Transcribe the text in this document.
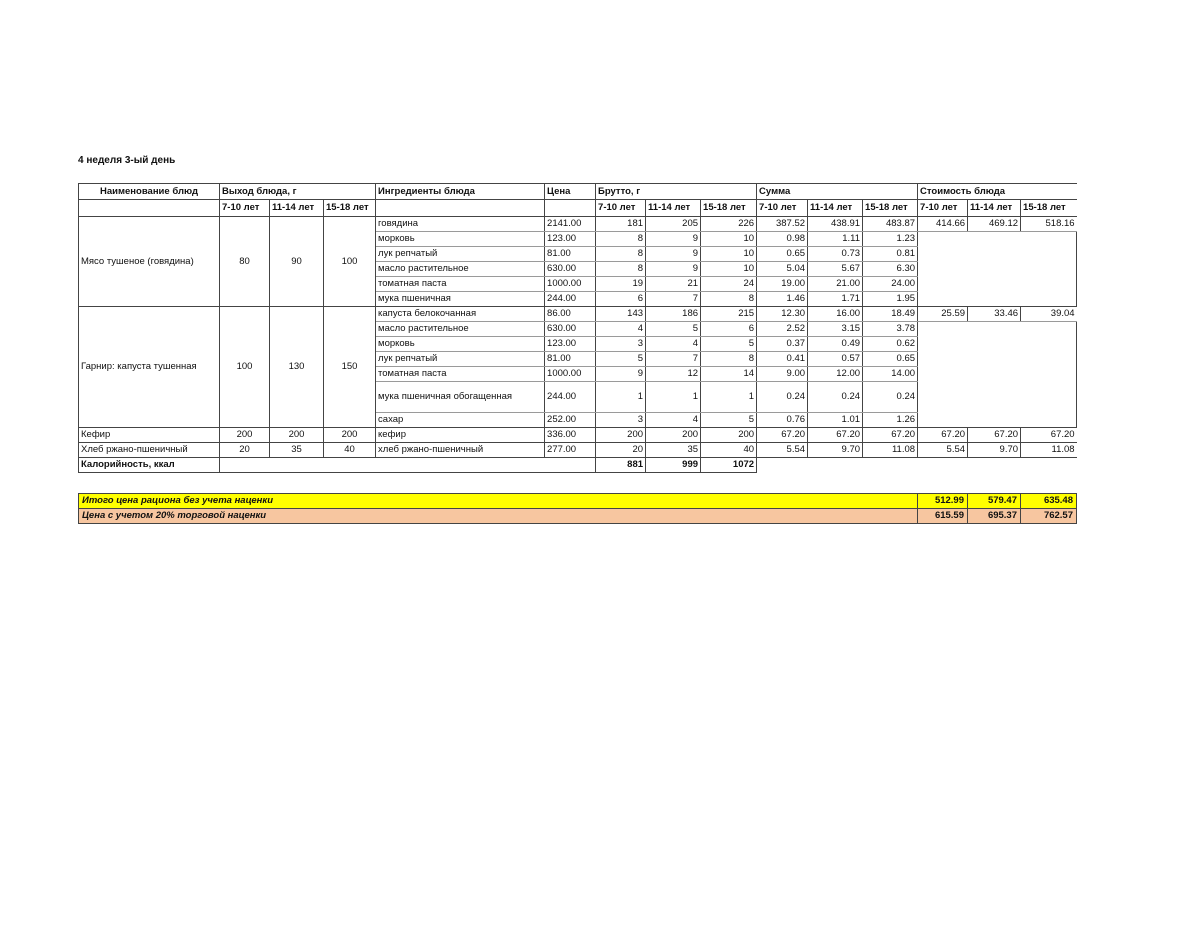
4 неделя 3-ый день
Наименование блюд	Выход блюда, г			Ингредиенты блюда	Цена	Брутто, г			Сумма			Стоимость блюда		
	7-10 лет	11-14 лет	15-18 лет			7-10 лет	11-14 лет	15-18 лет	7-10 лет	11-14 лет	15-18 лет	7-10 лет	11-14 лет	15-18 лет
Мясо тушеное (говядина)	80	90	100	говядина	2141.00	181	205	226	387.52	438.91	483.87	414.66	469.12	518.16
				морковь	123.00	8	9	10	0.98	1.11	1.23			
				лук репчатый	81.00	8	9	10	0.65	0.73	0.81			
				масло растительное	630.00	8	9	10	5.04	5.67	6.30			
				томатная паста	1000.00	19	21	24	19.00	21.00	24.00			
				мука пшеничная	244.00	6	7	8	1.46	1.71	1.95			
Гарнир: капуста тушенная	100	130	150	капуста белокочанная	86.00	143	186	215	12.30	16.00	18.49	25.59	33.46	39.04
				масло растительное	630.00	4	5	6	2.52	3.15	3.78			
				морковь	123.00	3	4	5	0.37	0.49	0.62			
				лук репчатый	81.00	5	7	8	0.41	0.57	0.65			
				томатная паста	1000.00	9	12	14	9.00	12.00	14.00			
				мука пшеничная обогащенная	244.00	1	1	1	0.24	0.24	0.24			
				сахар	252.00	3	4	5	0.76	1.01	1.26			
Кефир	200	200	200	кефир	336.00	200	200	200	67.20	67.20	67.20	67.20	67.20	67.20
Хлеб ржано-пшеничный	20	35	40	хлеб ржано-пшеничный	277.00	20	35	40	5.54	9.70	11.08	5.54	9.70	11.08
Калорийность, ккал						881	999	1072						
Итого цена рациона без учета наценки	512.99	579.47	635.48
Цена с учетом 20% торговой наценки	615.59	695.37	762.57
